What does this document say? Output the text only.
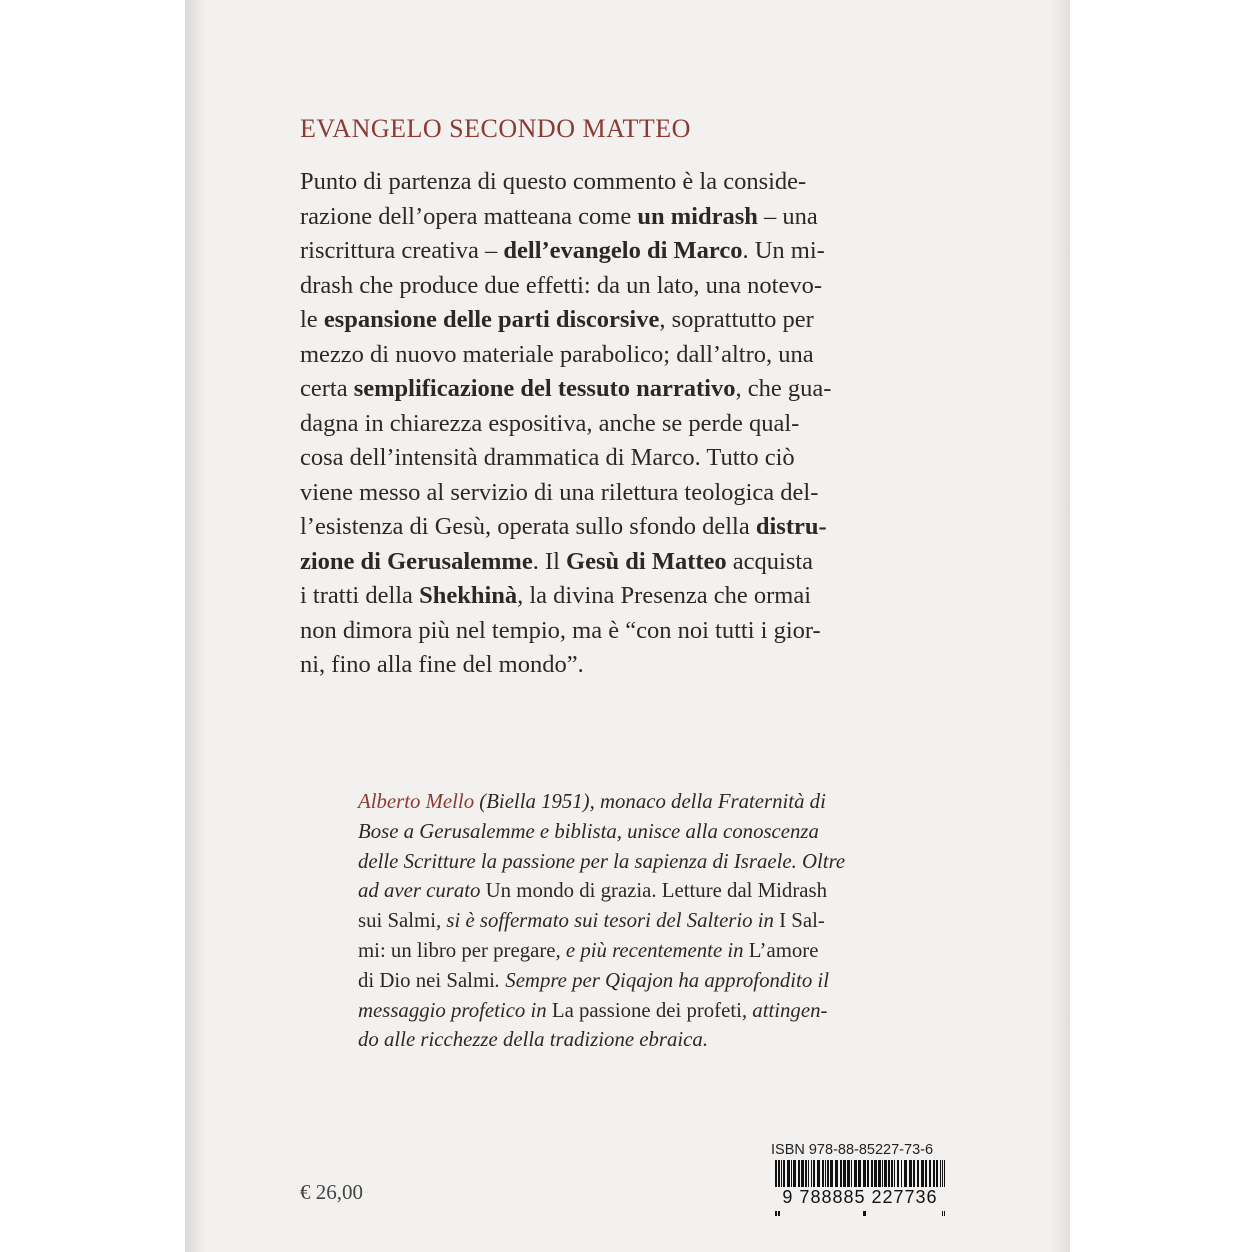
EVANGELO SECONDO MATTEO
Punto di partenza di questo commento è la conside-
razione dell’opera matteana come un midrash – una
riscrittura creativa – dell’evangelo di Marco. Un mi-
drash che produce due effetti: da un lato, una notevo-
le espansione delle parti discorsive, soprattutto per
mezzo di nuovo materiale parabolico; dall’altro, una
certa semplificazione del tessuto narrativo, che gua-
dagna in chiarezza espositiva, anche se perde qual-
cosa dell’intensità drammatica di Marco. Tutto ciò
viene messo al servizio di una rilettura teologica del-
l’esistenza di Gesù, operata sullo sfondo della distru-
zione di Gerusalemme. Il Gesù di Matteo acquista
i tratti della Shekhinà, la divina Presenza che ormai
non dimora più nel tempio, ma è “con noi tutti i gior-
ni, fino alla fine del mondo”.
Alberto Mello (Biella 1951), monaco della Fraternità di
Bose a Gerusalemme e biblista, unisce alla conoscenza
delle Scritture la passione per la sapienza di Israele. Oltre
ad aver curato Un mondo di grazia. Letture dal Midrash
sui Salmi, si è soffermato sui tesori del Salterio in I Sal-
mi: un libro per pregare, e più recentemente in L’amore
di Dio nei Salmi. Sempre per Qiqajon ha approfondito il
messaggio profetico in La passione dei profeti, attingen-
do alle ricchezze della tradizione ebraica.
ISBN 978-88-85227-73-6
9 788885 227736
€ 26,00
